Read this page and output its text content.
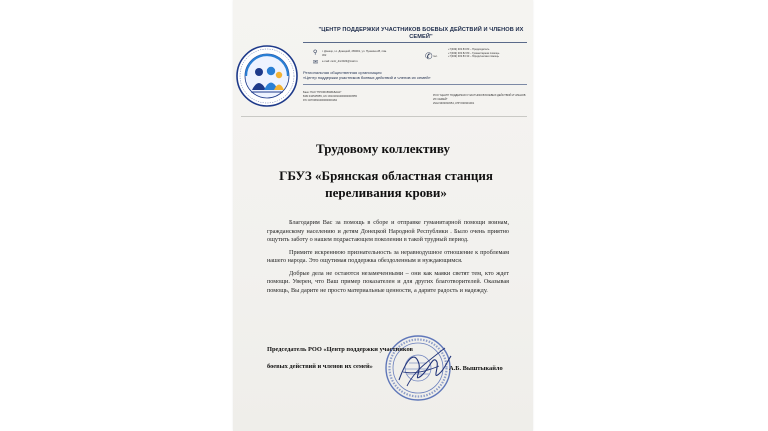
"ЦЕНТР ПОДДЕРЖКИ УЧАСТНИКОВ БОЕВЫХ ДЕЙСТВИЙ И ЧЛЕНОВ ИХ СЕМЕЙ"
⚲ г. Донецк, г.о. Донецкий, 283001, ул. Пушкина 28, пом. 302
✉ e-mail: centr_dnr2023@mail.ru
✆ тел.
+7(949) 303 83 83 – Председатель
+7(949) 303 82 80 – Гуманитарная помощь
+7(949) 303 83 33 – Юридическая помощь
Региональная общественная организация
«Центр поддержки участников боевых действий и членов их семей»
Банк: ПАО "ПРОМСВЯЗЬБАНК"
БИК 044525555, К/С 30101810400000000555
Р/С 40703810400000009184
РОО "ЦЕНТР ПОДДЕРЖКИ УЧАСТНИКОВ БОЕВЫХ ДЕЙСТВИЙ И ЧЛЕНОВ ИХ СЕМЕЙ"
ИНН 9303033354, КПП 930301001
Трудовому коллективу
ГБУЗ «Брянская областная станция переливания крови»

Благодарим Вас за помощь в сборе и отправке гуманитарной помощи воинам, гражданскому населению и детям Донецкой Народной Республики . Было очень приятно ощутить заботу о нашем подрастающем поколении в такой трудный период.

Примите искреннюю признательность за неравнодушное отношение к проблемам нашего народа. Это ощутимая поддержка обездоленным и нуждающимся.

Добрые дела не остаются незамеченными – они как маяки светят тем, кто ждет помощи. Уверен, что Ваш пример показателен и для других благотворителей. Оказывая помощь, Вы дарите не просто материальные ценности, а дарите радость и надежду.

Председатель РОО «Центр поддержки участников
боевых действий и членов их семей»	А.Б. Выштыкайло
